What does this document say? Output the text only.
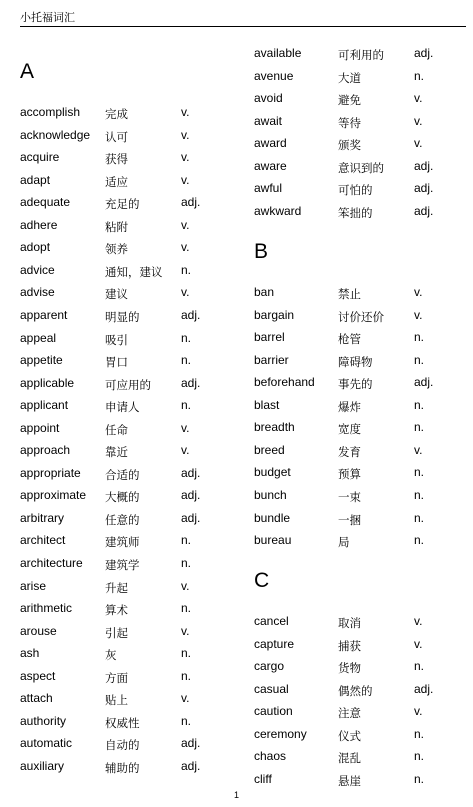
小托福词汇
A
accomplish 完成	v.
acknowledge 认可	v.
acquire	获得	v.
adapt	适应	v.
adequate	充足的	adj.
adhere	粘附	v.
adopt	领养	v.
advice	通知，建议 n.
advise	建议	v.
apparent	明显的	adj.
appeal	吸引	n.
appetite	胃口	n.
applicable	可应用的	adj.
applicant	申请人	n.
appoint	任命	v.
approach	靠近	v.
appropriate 合适的	adj.
approximate 大概的	adj.
arbitrary	任意的	adj.
architect	建筑师	n.
architecture 建筑学	n.
arise	升起	v.
arithmetic	算术	n.
arouse	引起	v.
ash	灰	n.
aspect	方面	n.
attach	贴上	v.
authority	权威性	n.
automatic	自动的	adj.
auxiliary	辅助的	adj.
available	可利用的	adj.
avenue	大道	n.
avoid	避免	v.
await	等待	v.
award	颁奖	v.
aware	意识到的	adj.
awful	可怕的	adj.
awkward	笨拙的	adj.
B
ban	禁止	v.
bargain	讨价还价	v.
barrel	枪管	n.
barrier	障碍物	n.
beforehand 事先的	adj.
blast	爆炸	n.
breadth	宽度	n.
breed	发育	v.
budget	预算	n.
bunch	一束	n.
bundle	一捆	n.
bureau	局	n.
C
cancel	取消	v.
capture	捕获	v.
cargo	货物	n.
casual	偶然的	adj.
caution	注意	v.
ceremony	仪式	n.
chaos	混乱	n.
cliff	悬崖	n.
1
